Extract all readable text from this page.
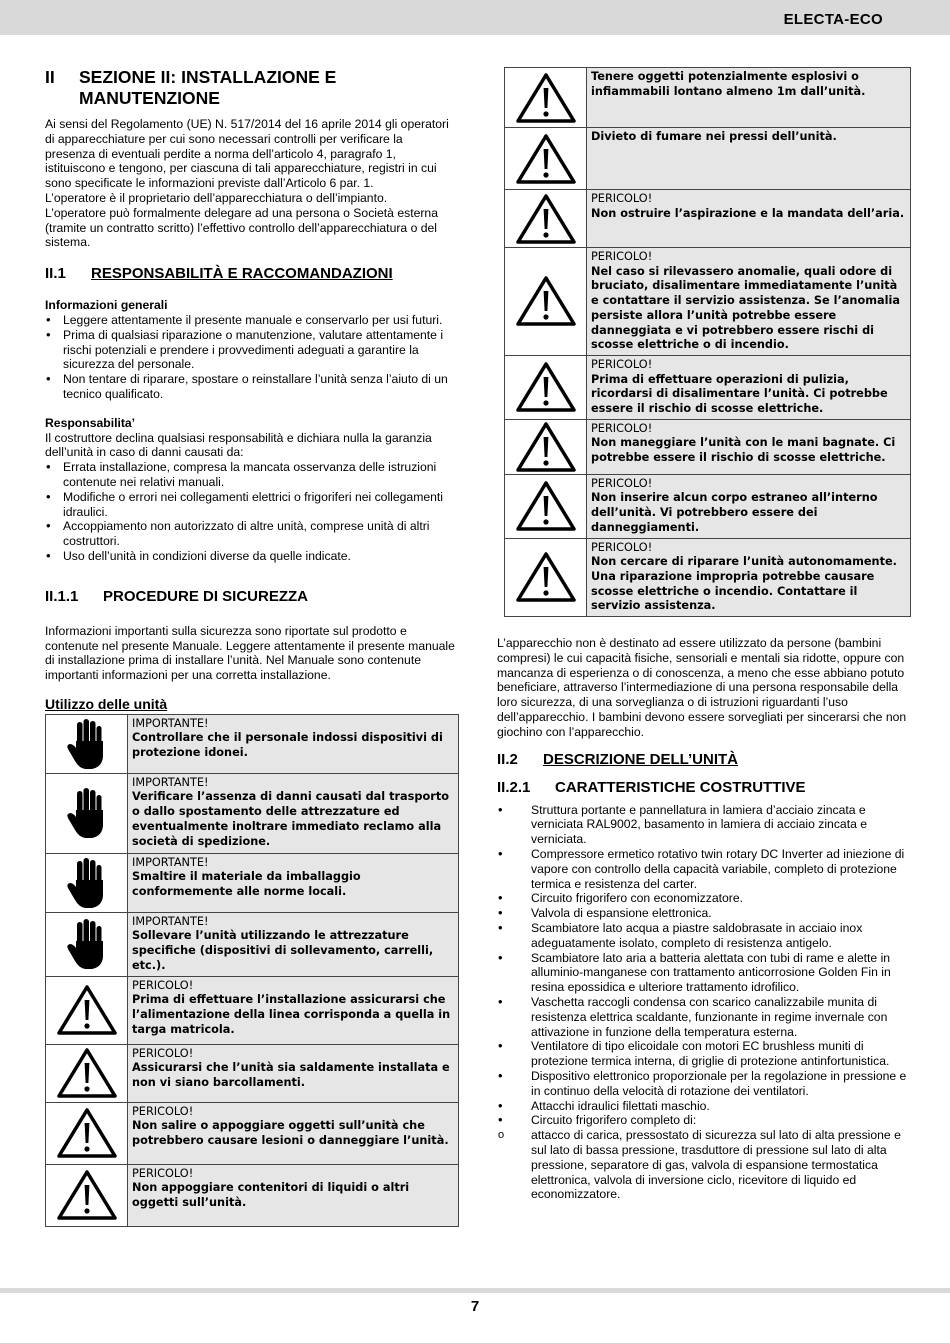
ELECTA-ECO
II	SEZIONE II: INSTALLAZIONE E MANUTENZIONE

Ai sensi del Regolamento (UE) N. 517/2014 del 16 aprile 2014 gli operatori di apparecchiature per cui sono necessari controlli per verificare la presenza di eventuali perdite a norma dell’articolo 4, paragrafo 1, istituiscono e tengono, per ciascuna di tali apparecchiature, registri in cui sono specificate le informazioni previste dall’Articolo 6 par. 1.

L’operatore è il proprietario dell’apparecchiatura o dell’impianto.

L’operatore può formalmente delegare ad una persona o Società esterna (tramite un contratto scritto) l’effettivo controllo dell’apparecchiatura o del sistema.

II.1	RESPONSABILITÀ E RACCOMANDAZIONI
Informazioni generali
• Leggere attentamente il presente manuale e conservarlo per usi futuri.
• Prima di qualsiasi riparazione o manutenzione, valutare attentamente i rischi potenziali e prendere i provvedimenti adeguati a garantire la sicurezza del personale.
• Non tentare di riparare, spostare o reinstallare l’unità senza l’aiuto di un tecnico qualificato.
Responsabilita’

Il costruttore declina qualsiasi responsabilità e dichiara nulla la garanzia dell’unità in caso di danni causati da:

• Errata installazione, compresa la mancata osservanza delle istruzioni contenute nei relativi manuali.
• Modifiche o errori nei collegamenti elettrici o frigoriferi nei collegamenti idraulici.
• Accoppiamento non autorizzato di altre unità, comprese unità di altri costruttori.
• Uso dell’unità in condizioni diverse da quelle indicate.
II.1.1	PROCEDURE DI SICUREZZA

Informazioni importanti sulla sicurezza sono riportate sul prodotto e contenute nel presente Manuale. Leggere attentamente il presente manuale di installazione prima di installare l’unità. Nel Manuale sono contenute importanti informazioni per una corretta installazione.

Utilizzo delle unità

IMPORTANTE!
Controllare che il personale indossi dispositivi di protezione idonei.

IMPORTANTE!
Verificare l’assenza di danni causati dal trasporto o dallo spostamento delle attrezzature ed eventualmente inoltrare immediato reclamo alla società di spedizione.

IMPORTANTE!
Smaltire il materiale da imballaggio conformemente alle norme locali.

IMPORTANTE!
Sollevare l’unità utilizzando le attrezzature specifiche (dispositivi di sollevamento, carrelli, etc.).

PERICOLO!
Prima di effettuare l’installazione assicurarsi che l’alimentazione della linea corrisponda a quella in targa matricola.

PERICOLO!
Assicurarsi che l’unità sia saldamente installata e non vi siano barcollamenti.

PERICOLO!
Non salire o appoggiare oggetti sull’unità che potrebbero causare lesioni o danneggiare l’unità.

PERICOLO!
Non appoggiare contenitori di liquidi o altri oggetti sull’unità.

Tenere oggetti potenzialmente esplosivi o infiammabili lontano almeno 1m dall’unità.

Divieto di fumare nei pressi dell’unità.

PERICOLO!
Non ostruire l’aspirazione e la mandata dell’aria.

PERICOLO!
Nel caso si rilevassero anomalie, quali odore di bruciato, disalimentare immediatamente l’unità e contattare il servizio assistenza. Se l’anomalia persiste allora l’unità potrebbe essere danneggiata e vi potrebbero essere rischi di scosse elettriche o di incendio.

PERICOLO!
Prima di effettuare operazioni di pulizia, ricordarsi di disalimentare l’unità. Ci potrebbe essere il rischio di scosse elettriche.

PERICOLO!
Non maneggiare l’unità con le mani bagnate. Ci potrebbe essere il rischio di scosse elettriche.

PERICOLO!
Non inserire alcun corpo estraneo all’interno dell’unità. Vi potrebbero essere dei danneggiamenti.

PERICOLO!
Non cercare di riparare l’unità autonomamente. Una riparazione impropria potrebbe causare scosse elettriche o incendio. Contattare il servizio assistenza.

L’apparecchio non è destinato ad essere utilizzato da persone (bambini compresi) le cui capacità fisiche, sensoriali e mentali sia ridotte, oppure con mancanza di esperienza o di conoscenza, a meno che esse abbiano potuto beneficiare, attraverso l’intermediazione di una persona responsabile della loro sicurezza, di una sorveglianza o di istruzioni riguardanti l’uso dell’apparecchio. I bambini devono essere sorvegliati per sincerarsi che non giochino con l’apparecchio.

II.2	DESCRIZIONE DELL’UNITÀ
II.2.1	CARATTERISTICHE COSTRUTTIVE
• Struttura portante e pannellatura in lamiera d’acciaio zincata e verniciata RAL9002, basamento in lamiera di acciaio zincata e verniciata.
• Compressore ermetico rotativo twin rotary DC Inverter ad iniezione di vapore con controllo della capacità variabile, completo di protezione termica e resistenza del carter.
• Circuito frigorifero con economizzatore.
• Valvola di espansione elettronica.
• Scambiatore lato acqua a piastre saldobrasate in acciaio inox adeguatamente isolato, completo di resistenza antigelo.
• Scambiatore lato aria a batteria alettata con tubi di rame e alette in alluminio-manganese con trattamento anticorrosione Golden Fin in resina epossidica e ulteriore trattamento idrofilico.
• Vaschetta raccogli condensa con scarico canalizzabile munita di resistenza elettrica scaldante, funzionante in regime invernale con attivazione in funzione della temperatura esterna.
• Ventilatore di tipo elicoidale con motori EC brushless muniti di protezione termica interna, di griglie di protezione antinfortunistica.
• Dispositivo elettronico proporzionale per la regolazione in pressione e in continuo della velocità di rotazione dei ventilatori.
• Attacchi idraulici filettati maschio.
• Circuito frigorifero completo di:
o attacco di carica, pressostato di sicurezza sul lato di alta pressione e sul lato di bassa pressione, trasduttore di pressione sul lato di alta pressione, separatore di gas, valvola di espansione termostatica elettronica, valvola di inversione ciclo, ricevitore di liquido ed economizzatore.
7
